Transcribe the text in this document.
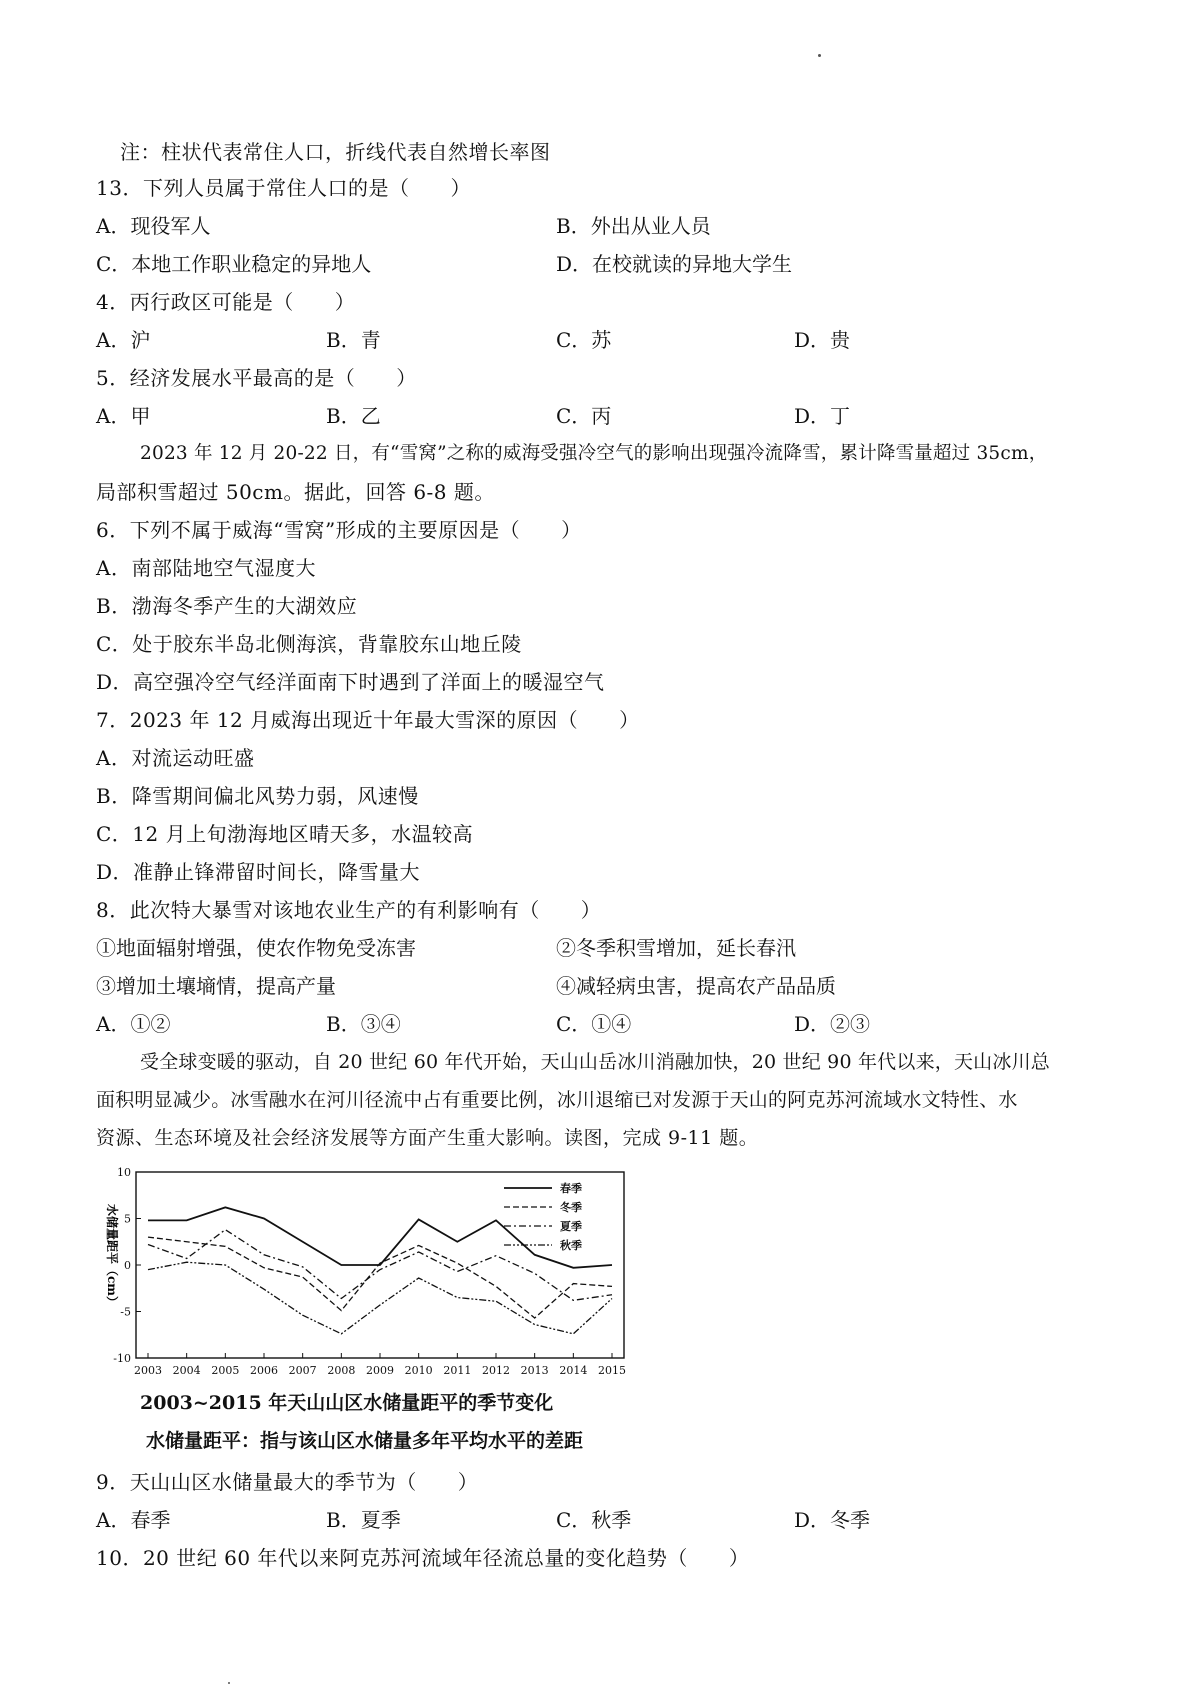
注：柱状代表常住人口，折线代表自然增长率图
13．下列人员属于常住人口的是（　　）
A．现役军人	B．外出从业人员
C．本地工作职业稳定的异地人	D．在校就读的异地大学生
4．丙行政区可能是（　　）
A．沪	B．青	C．苏	D．贵
5．经济发展水平最高的是（　　）
A．甲	B．乙	C．丙	D．丁
2023 年 12 月 20-22 日，有“雪窝”之称的威海受强冷空气的影响出现强冷流降雪，累计降雪量超过 35cm，
局部积雪超过 50cm。据此，回答 6-8 题。
6．下列不属于威海“雪窝”形成的主要原因是（　　）
A．南部陆地空气湿度大
B．渤海冬季产生的大湖效应
C．处于胶东半岛北侧海滨，背靠胶东山地丘陵
D．高空强冷空气经洋面南下时遇到了洋面上的暖湿空气
7．2023 年 12 月威海出现近十年最大雪深的原因（　　）
A．对流运动旺盛
B．降雪期间偏北风势力弱，风速慢
C．12 月上旬渤海地区晴天多，水温较高
D．准静止锋滞留时间长，降雪量大
8．此次特大暴雪对该地农业生产的有利影响有（　　）
①地面辐射增强，使农作物免受冻害	②冬季积雪增加，延长春汛
③增加土壤墒情，提高产量	④减轻病虫害，提高农产品品质
A．①②	B．③④	C．①④	D．②③
受全球变暖的驱动，自 20 世纪 60 年代开始，天山山岳冰川消融加快，20 世纪 90 年代以来，天山冰川总
面积明显减少。冰雪融水在河川径流中占有重要比例，冰川退缩已对发源于天山的阿克苏河流域水文特性、水
资源、生态环境及社会经济发展等方面产生重大影响。读图，完成 9-11 题。
10
5
0
-5
-10
2003 2004 2005 2006 2007 2008 2009 2010 2011 2012 2013 2014 2015
春季
冬季
夏季
秋季
水储量距平（cm）
2003~2015 年天山山区水储量距平的季节变化
水储量距平：指与该山区水储量多年平均水平的差距
9．天山山区水储量最大的季节为（　　）
A．春季	B．夏季	C．秋季	D．冬季
10．20 世纪 60 年代以来阿克苏河流域年径流总量的变化趋势（　　）
